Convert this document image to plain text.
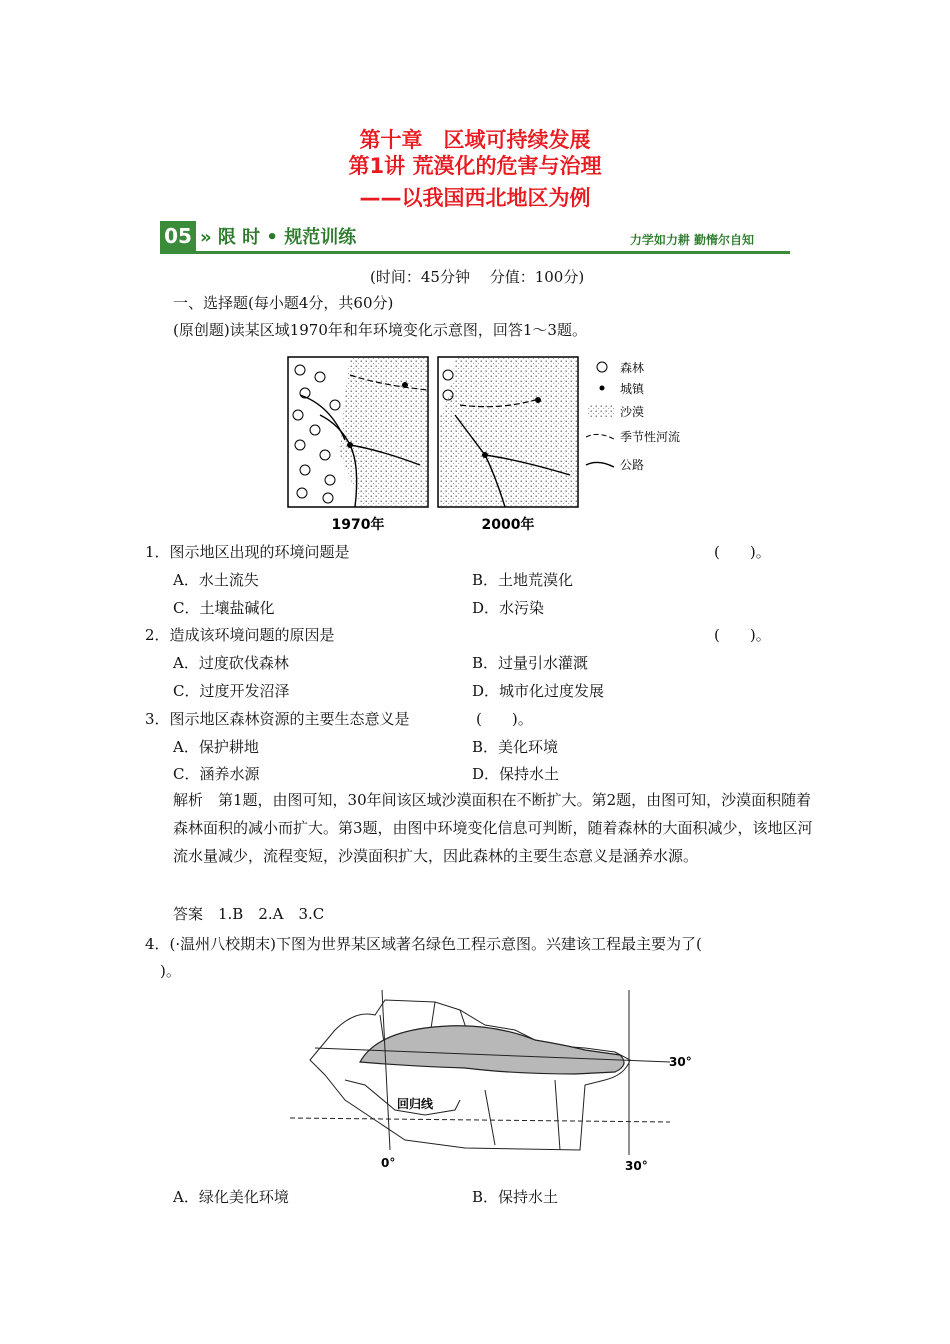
第十章　区域可持续发展
第1讲 荒漠化的危害与治理
——以我国西北地区为例
05 » 限 时 • 规范训练	力学如力耕 勤惰尔自知
(时间：45分钟　 分值：100分)
一、选择题(每小题4分，共60分)
(原创题)读某区域1970年和年环境变化示意图，回答1～3题。
1970年	2000年
森林
城镇
沙漠
季节性河流
公路
1．图示地区出现的环境问题是	(　　)。
A．水土流失	B．土地荒漠化
C．土壤盐碱化	D．水污染
2．造成该环境问题的原因是	(　　)。
A．过度砍伐森林	B．过量引水灌溉
C．过度开发沼泽	D．城市化过度发展
3．图示地区森林资源的主要生态意义是	(　　)。
A．保护耕地	B．美化环境
C．涵养水源	D．保持水土
解析　第1题，由图可知，30年间该区域沙漠面积在不断扩大。第2题，由图可知，沙漠面积随着森林面积的减小而扩大。第3题，由图中环境变化信息可判断，随着森林的大面积减少，该地区河流水量减少，流程变短，沙漠面积扩大，因此森林的主要生态意义是涵养水源。
答案　1.B　2.A　3.C
4．(·温州八校期末)下图为世界某区域著名绿色工程示意图。兴建该工程最主要为了(
)。
30°
回归线
0°	30°
A．绿化美化环境	B．保持水土
